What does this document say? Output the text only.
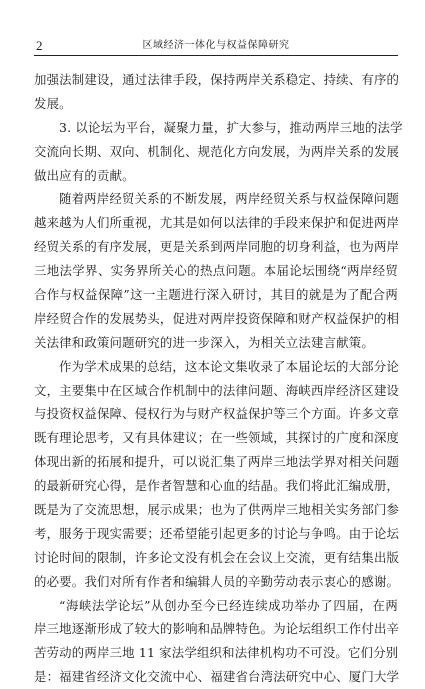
2	区域经济一体化与权益保障研究
加强法制建设，通过法律手段，保持两岸关系稳定、持续、有序的
发展。
3. 以论坛为平台，凝聚力量，扩大参与，推动两岸三地的法学
交流向长期、双向、机制化、规范化方向发展，为两岸关系的发展
做出应有的贡献。
随着两岸经贸关系的不断发展，两岸经贸关系与权益保障问题
越来越为人们所重视，尤其是如何以法律的手段来保护和促进两岸
经贸关系的有序发展，更是关系到两岸同胞的切身利益，也为两岸
三地法学界、实务界所关心的热点问题。本届论坛围绕“两岸经贸
合作与权益保障”这一主题进行深入研讨，其目的就是为了配合两
岸经贸合作的发展势头，促进对两岸投资保障和财产权益保护的相
关法律和政策问题研究的进一步深入，为相关立法建言献策。
作为学术成果的总结，这本论文集收录了本届论坛的大部分论
文，主要集中在区域合作机制中的法律问题、海峡西岸经济区建设
与投资权益保障、侵权行为与财产权益保护等三个方面。许多文章
既有理论思考，又有具体建议；在一些领域，其探讨的广度和深度
体现出新的拓展和提升，可以说汇集了两岸三地法学界对相关问题
的最新研究心得，是作者智慧和心血的结晶。我们将此汇编成册，
既是为了交流思想，展示成果；也为了供两岸三地相关实务部门参
考，服务于现实需要；还希望能引起更多的讨论与争鸣。由于论坛
讨论时间的限制，许多论文没有机会在会议上交流，更有结集出版
的必要。我们对所有作者和编辑人员的辛勤劳动表示衷心的感谢。
“海峡法学论坛”从创办至今已经连续成功举办了四届，在两
岸三地逐渐形成了较大的影响和品牌特色。为论坛组织工作付出辛
苦劳动的两岸三地 11 家法学组织和法律机构功不可没。它们分别
是：福建省经济文化交流中心、福建省台湾法研究中心、厦门大学
